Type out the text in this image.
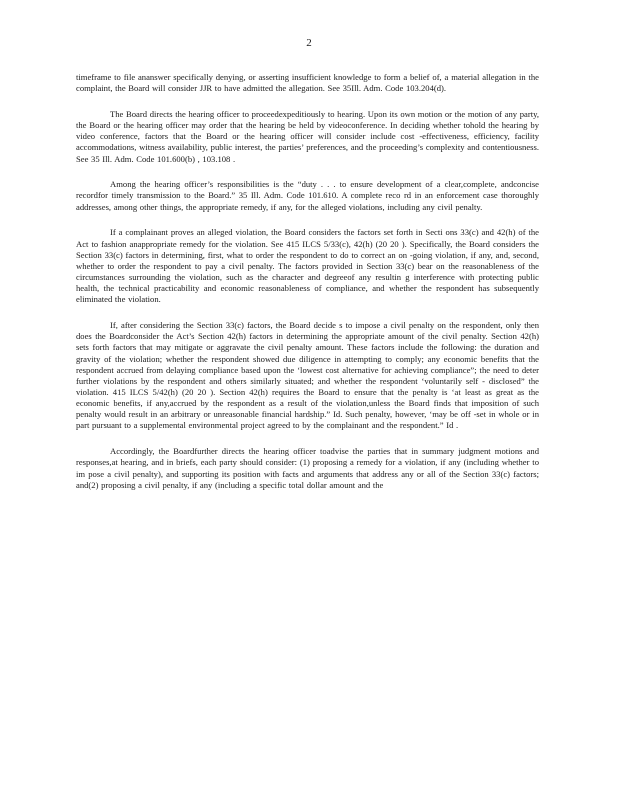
2

timeframe to file ananswer specifically denying, or asserting insufficient knowledge to form a belief of, a material allegation in the complaint, the Board will consider JJR to have admitted the allegation. See 35Ill. Adm. Code 103.204(d).

The Board directs the hearing officer to proceedexpeditiously to hearing. Upon its own motion or the motion of any party, the Board or the hearing officer may order that the hearing be held by videoconference. In deciding whether tohold the hearing by video conference, factors that the Board or the hearing officer will consider include cost -effectiveness, efficiency, facility accommodations, witness availability, public interest, the parties’ preferences, and the proceeding’s complexity and contentiousness. See 35 Ill. Adm. Code 101.600(b) , 103.108 .

Among the hearing officer’s responsibilities is the “duty . . . to ensure development of a clear,complete, andconcise recordfor timely transmission to the Board.” 35 Ill. Adm. Code 101.610. A complete reco rd in an enforcement case thoroughly addresses, among other things, the appropriate remedy, if any, for the alleged violations, including any civil penalty.

If a complainant proves an alleged violation, the Board considers the factors set forth in Secti ons 33(c) and 42(h) of the Act to fashion anappropriate remedy for the violation. See 415 ILCS 5/33(c), 42(h) (20 20 ). Specifically, the Board considers the Section 33(c) factors in determining, first, what to order the respondent to do to correct an on -going violation, if any, and, second, whether to order the respondent to pay a civil penalty. The factors provided in Section 33(c) bear on the reasonableness of the circumstances surrounding the violation, such as the character and degreeof any resultin g interference with protecting public health, the technical practicability and economic reasonableness of compliance, and whether the respondent has subsequently eliminated the violation.

If, after considering the Section 33(c) factors, the Board decide s to impose a civil penalty on the respondent, only then does the Boardconsider the Act’s Section 42(h) factors in determining the appropriate amount of the civil penalty. Section 42(h) sets forth factors that may mitigate or aggravate the civil penalty amount. These factors include the following: the duration and gravity of the violation; whether the respondent showed due diligence in attempting to comply; any economic benefits that the respondent accrued from delaying compliance based upon the ‘lowest cost alternative for achieving compliance”; the need to deter further violations by the respondent and others similarly situated; and whether the respondent ‘voluntarily self - disclosed” the violation. 415 ILCS 5/42(h) (20 20 ). Section 42(h) requires the Board to ensure that the penalty is ‘at least as great as the economic benefits, if any,accrued by the respondent as a result of the violation,unless the Board finds that imposition of such penalty would result in an arbitrary or unreasonable financial hardship.” Id. Such penalty, however, ‘may be off -set in whole or in part pursuant to a supplemental environmental project agreed to by the complainant and the respondent.” Id .

Accordingly, the Boardfurther directs the hearing officer toadvise the parties that in summary judgment motions and responses,at hearing, and in briefs, each party should consider: (1) proposing a remedy for a violation, if any (including whether to im pose a civil penalty), and supporting its position with facts and arguments that address any or all of the Section 33(c) factors; and(2) proposing a civil penalty, if any (including a specific total dollar amount and the
